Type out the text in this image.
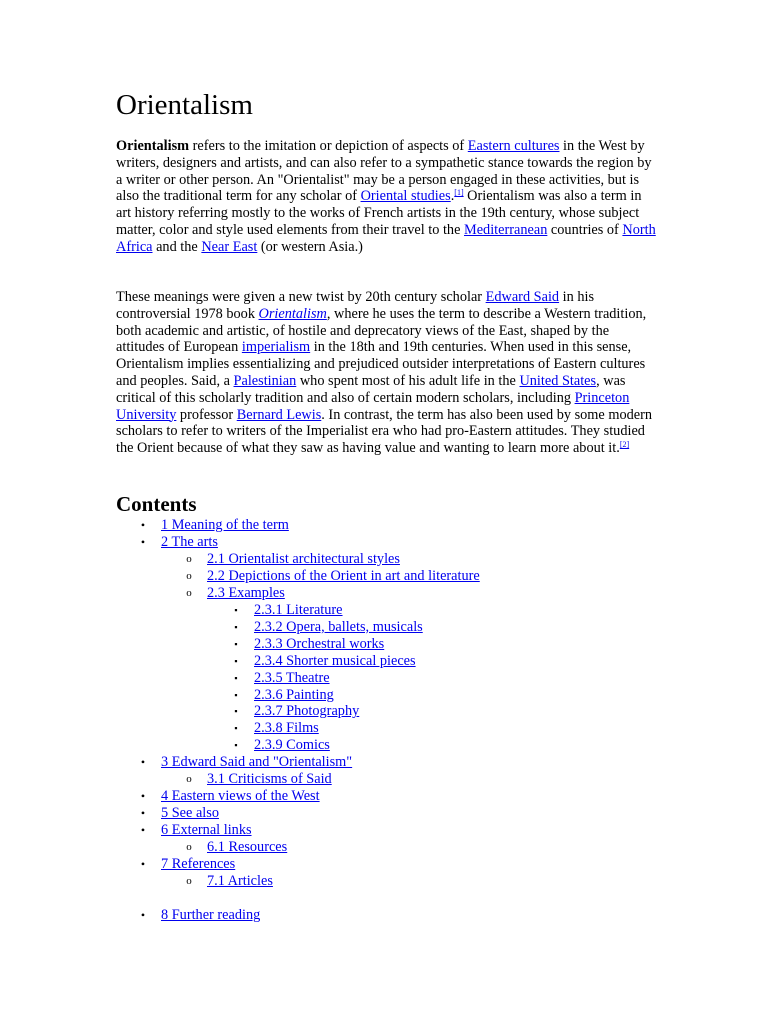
Orientalism

Orientalism refers to the imitation or depiction of aspects of Eastern cultures in the West by writers, designers and artists, and can also refer to a sympathetic stance towards the region by a writer or other person. An "Orientalist" may be a person engaged in these activities, but is also the traditional term for any scholar of Oriental studies.[1] Orientalism was also a term in art history referring mostly to the works of French artists in the 19th century, whose subject matter, color and style used elements from their travel to the Mediterranean countries of North Africa and the Near East (or western Asia.)

These meanings were given a new twist by 20th century scholar Edward Said in his controversial 1978 book Orientalism, where he uses the term to describe a Western tradition, both academic and artistic, of hostile and deprecatory views of the East, shaped by the attitudes of European imperialism in the 18th and 19th centuries. When used in this sense, Orientalism implies essentializing and prejudiced outsider interpretations of Eastern cultures and peoples. Said, a Palestinian who spent most of his adult life in the United States, was critical of this scholarly tradition and also of certain modern scholars, including Princeton University professor Bernard Lewis. In contrast, the term has also been used by some modern scholars to refer to writers of the Imperialist era who had pro-Eastern attitudes. They studied the Orient because of what they saw as having value and wanting to learn more about it.[2]

Contents
•	1 Meaning of the term
•	2 The arts
o 2.1 Orientalist architectural styles
o 2.2 Depictions of the Orient in art and literature
o 2.3 Examples
▪	2.3.1 Literature
▪	2.3.2 Opera, ballets, musicals
▪	2.3.3 Orchestral works
▪	2.3.4 Shorter musical pieces
▪	2.3.5 Theatre
▪	2.3.6 Painting
▪	2.3.7 Photography
▪	2.3.8 Films
▪	2.3.9 Comics
•	3 Edward Said and "Orientalism"
o 3.1 Criticisms of Said
•	4 Eastern views of the West
•	5 See also
•	6 External links
o 6.1 Resources
•	7 References
o 7.1 Articles
•	8 Further reading
